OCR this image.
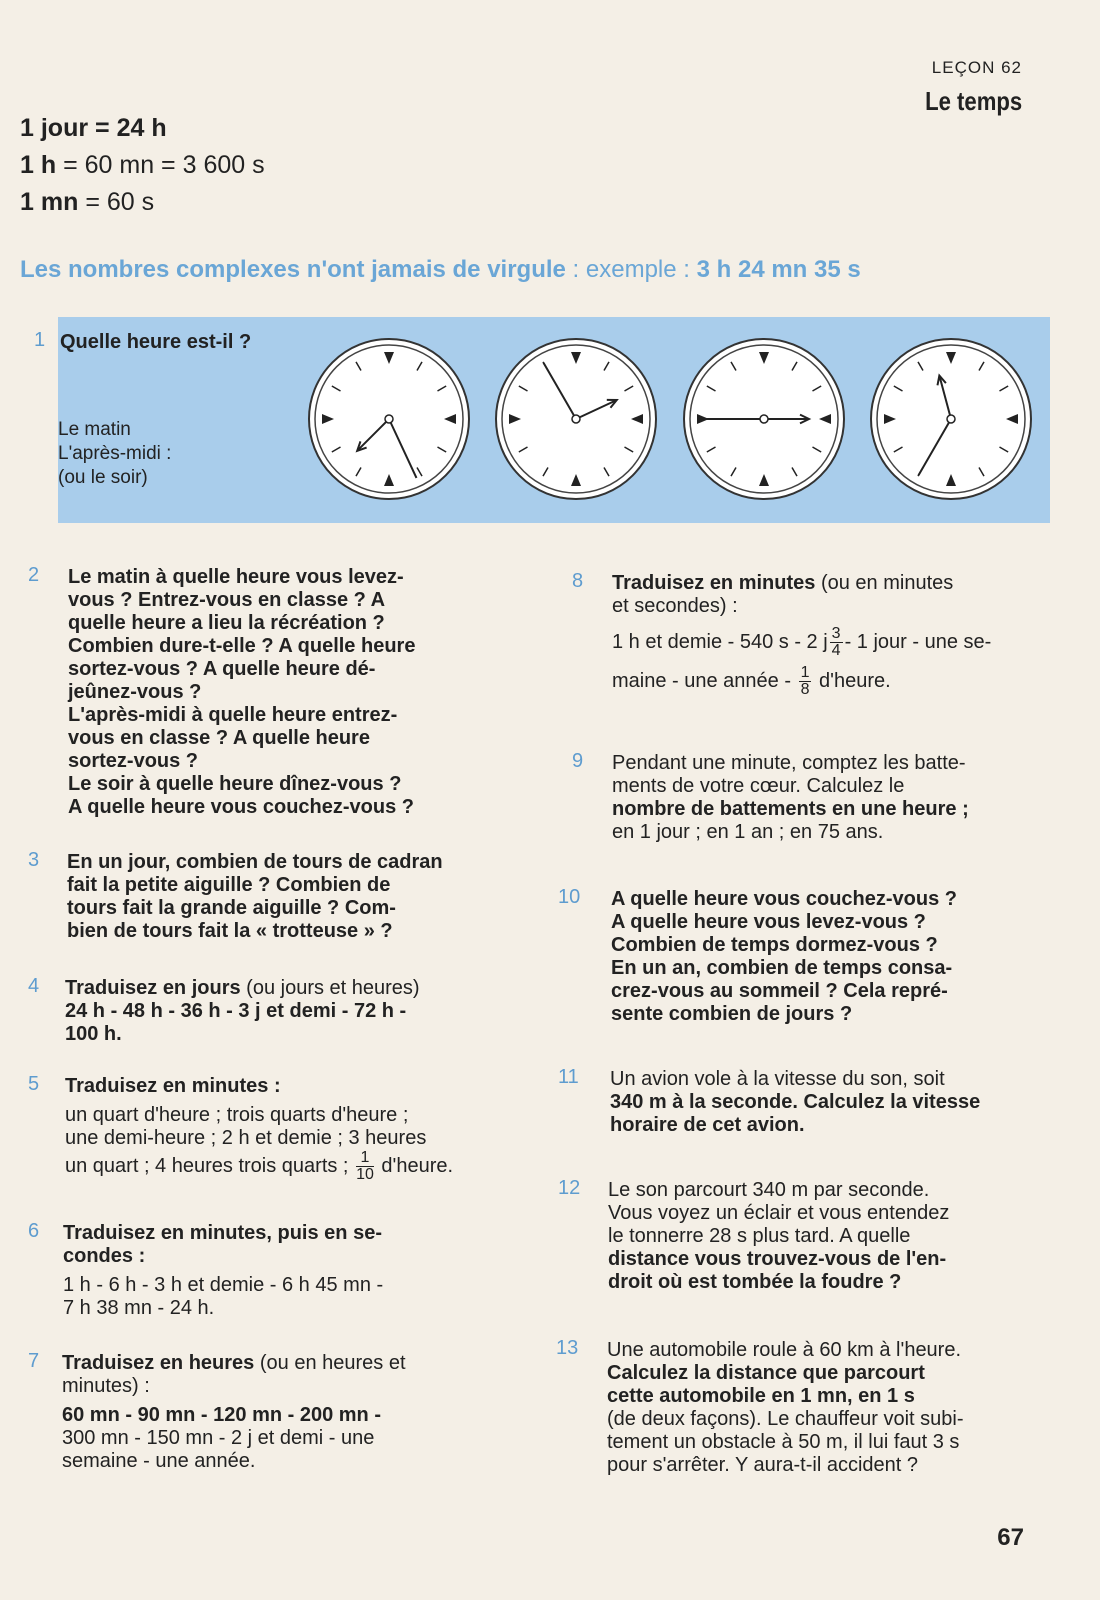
LEÇON 62
Le temps
1 jour = 24 h
1 h = 60 mn = 3 600 s
1 mn = 60 s
Les nombres complexes n'ont jamais de virgule : exemple : 3 h 24 mn 35 s
1 Quelle heure est-il ?
Le matin
L'après-midi :
(ou le soir)
2 Le matin à quelle heure vous levez-
vous ? Entrez-vous en classe ? A
quelle heure a lieu la récréation ?
Combien dure-t-elle ? A quelle heure
sortez-vous ? A quelle heure dé-
jeûnez-vous ?
L'après-midi à quelle heure entrez-
vous en classe ? A quelle heure
sortez-vous ?
Le soir à quelle heure dînez-vous ?
A quelle heure vous couchez-vous ?
3 En un jour, combien de tours de cadran
fait la petite aiguille ? Combien de
tours fait la grande aiguille ? Com-
bien de tours fait la « trotteuse » ?
4 Traduisez en jours (ou jours et heures)
24 h - 48 h - 36 h - 3 j et demi - 72 h -
100 h.
5 Traduisez en minutes :
un quart d'heure ; trois quarts d'heure ;
une demi-heure ; 2 h et demie ; 3 heures
un quart ; 4 heures trois quarts ; $\frac{1}{10}$ d'heure.
6 Traduisez en minutes, puis en se-
condes :
1 h - 6 h - 3 h et demie - 6 h 45 mn -
7 h 38 mn - 24 h.
7 Traduisez en heures (ou en heures et
minutes) :
60 mn - 90 mn - 120 mn - 200 mn -
300 mn - 150 mn - 2 j et demi - une
semaine - une année.
8 Traduisez en minutes (ou en minutes
et secondes) :
1 h et demie - 540 s - 2 j $\frac{3}{4} - 1$ jour - une se-
maine - une année - $\frac{1}{8}$ d'heure.
9 Pendant une minute, comptez les batte-
ments de votre cœur. Calculez le
nombre de battements en une heure ;
en 1 jour ; en 1 an ; en 75 ans.
10 A quelle heure vous couchez-vous ?
A quelle heure vous levez-vous ?
Combien de temps dormez-vous ?
En un an, combien de temps consa-
crez-vous au sommeil ? Cela repré-
sente combien de jours ?
11 Un avion vole à la vitesse du son, soit
340 m à la seconde. Calculez la vitesse
horaire de cet avion.
12 Le son parcourt 340 m par seconde.
Vous voyez un éclair et vous entendez
le tonnerre 28 s plus tard. A quelle
distance vous trouvez-vous de l'en-
droit où est tombée la foudre ?
13 Une automobile roule à 60 km à l'heure.
Calculez la distance que parcourt
cette automobile en 1 mn, en 1 s
(de deux façons). Le chauffeur voit subi-
tement un obstacle à 50 m, il lui faut 3 s
pour s'arrêter. Y aura-t-il accident ?
67
